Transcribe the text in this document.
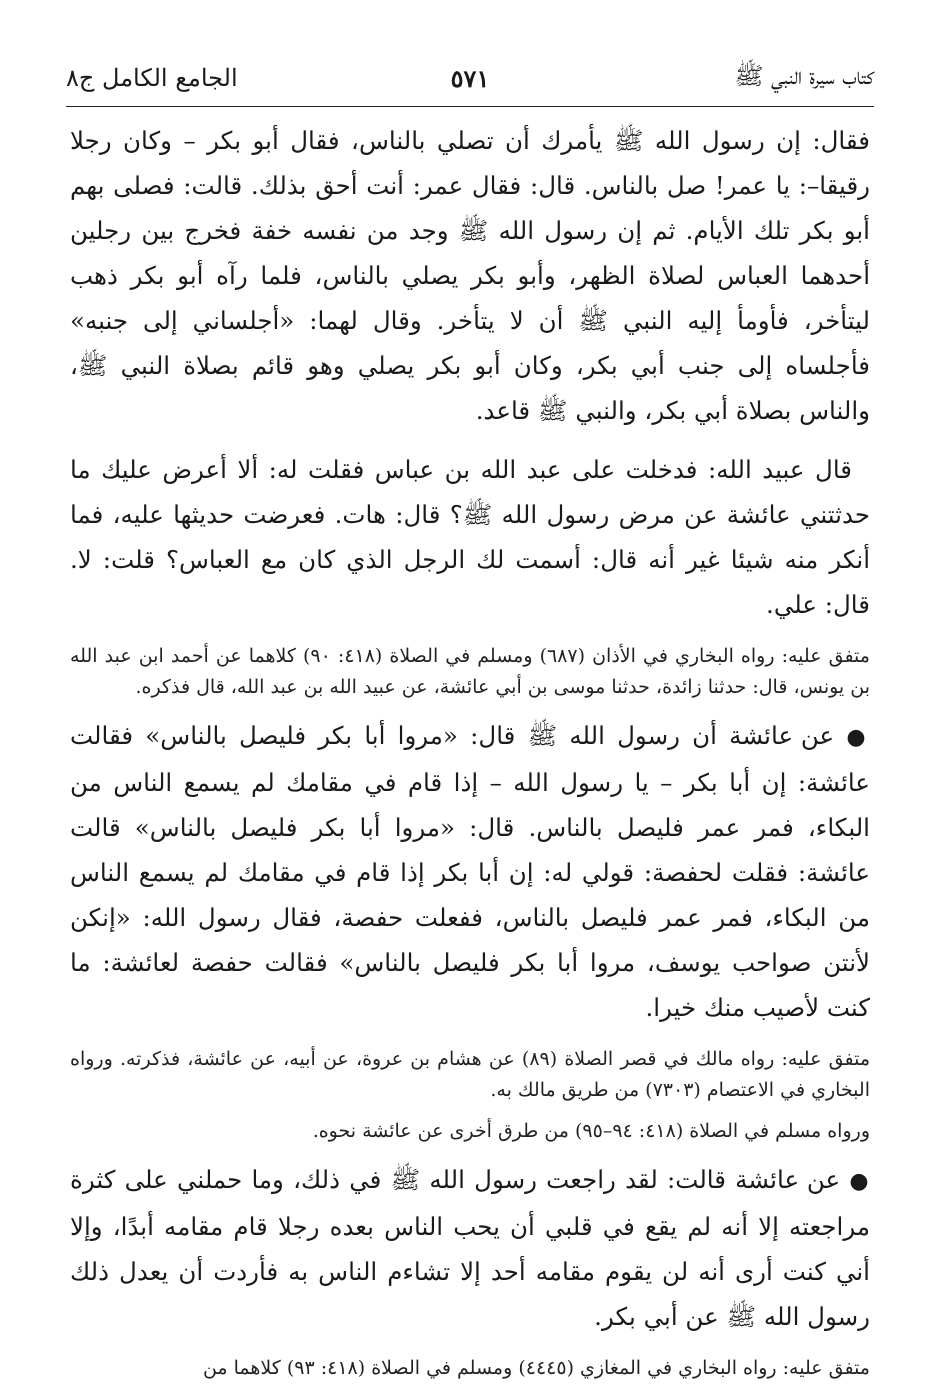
كتاب سيرة النبي ﷺ
٥٧١
الجامع الكامل ج٨

فقال: إن رسول الله ﷺ يأمرك أن تصلي بالناس، فقال أبو بكر – وكان رجلا رقيقا–: يا عمر! صل بالناس. قال: فقال عمر: أنت أحق بذلك. قالت: فصلى بهم أبو بكر تلك الأيام. ثم إن رسول الله ﷺ وجد من نفسه خفة فخرج بين رجلين أحدهما العباس لصلاة الظهر، وأبو بكر يصلي بالناس، فلما رآه أبو بكر ذهب ليتأخر، فأومأ إليه النبي ﷺ أن لا يتأخر. وقال لهما: «أجلساني إلى جنبه» فأجلساه إلى جنب أبي بكر، وكان أبو بكر يصلي وهو قائم بصلاة النبي ﷺ، والناس بصلاة أبي بكر، والنبي ﷺ قاعد.

قال عبيد الله: فدخلت على عبد الله بن عباس فقلت له: ألا أعرض عليك ما حدثتني عائشة عن مرض رسول الله ﷺ؟ قال: هات. فعرضت حديثها عليه، فما أنكر منه شيئا غير أنه قال: أسمت لك الرجل الذي كان مع العباس؟ قلت: لا. قال: علي.

متفق عليه: رواه البخاري في الأذان (٦٨٧) ومسلم في الصلاة (٤١٨: ٩٠) كلاهما عن أحمد ابن عبد الله بن يونس، قال: حدثنا زائدة، حدثنا موسى بن أبي عائشة، عن عبيد الله بن عبد الله، قال فذكره.

● عن عائشة أن رسول الله ﷺ قال: «مروا أبا بكر فليصل بالناس» فقالت عائشة: إن أبا بكر – يا رسول الله – إذا قام في مقامك لم يسمع الناس من البكاء، فمر عمر فليصل بالناس. قال: «مروا أبا بكر فليصل بالناس» قالت عائشة: فقلت لحفصة: قولي له: إن أبا بكر إذا قام في مقامك لم يسمع الناس من البكاء، فمر عمر فليصل بالناس، ففعلت حفصة، فقال رسول الله: «إنكن لأنتن صواحب يوسف، مروا أبا بكر فليصل بالناس» فقالت حفصة لعائشة: ما كنت لأصيب منك خيرا.

متفق عليه: رواه مالك في قصر الصلاة (٨٩) عن هشام بن عروة، عن أبيه، عن عائشة، فذكرته. ورواه البخاري في الاعتصام (٧٣٠٣) من طريق مالك به.

ورواه مسلم في الصلاة (٤١٨: ٩٤–٩٥) من طرق أخرى عن عائشة نحوه.

● عن عائشة قالت: لقد راجعت رسول الله ﷺ في ذلك، وما حملني على كثرة مراجعته إلا أنه لم يقع في قلبي أن يحب الناس بعده رجلا قام مقامه أبدًا، وإلا أني كنت أرى أنه لن يقوم مقامه أحد إلا تشاءم الناس به فأردت أن يعدل ذلك رسول الله ﷺ عن أبي بكر.

متفق عليه: رواه البخاري في المغازي (٤٤٤٥) ومسلم في الصلاة (٤١٨: ٩٣) كلاهما من
